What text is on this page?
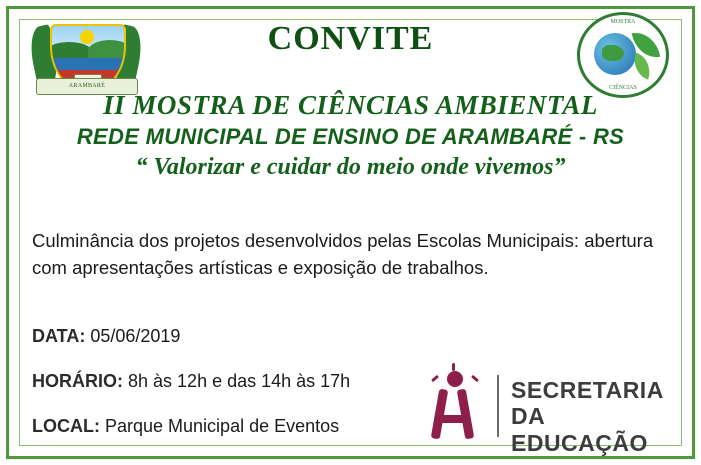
ARAMBARÉ
MOSTRA
CIÊNCIAS
CONVITE
II MOSTRA DE CIÊNCIAS AMBIENTAL
REDE MUNICIPAL DE ENSINO DE ARAMBARÉ - RS
“ Valorizar e cuidar do meio onde vivemos”
Culminância dos projetos desenvolvidos pelas Escolas Municipais: abertura com apresentações artísticas e exposição de trabalhos.
DATA: 05/06/2019
HORÁRIO: 8h às 12h e das 14h às 17h
LOCAL: Parque Municipal de Eventos
SECRETARIA
DA EDUCAÇÃO
